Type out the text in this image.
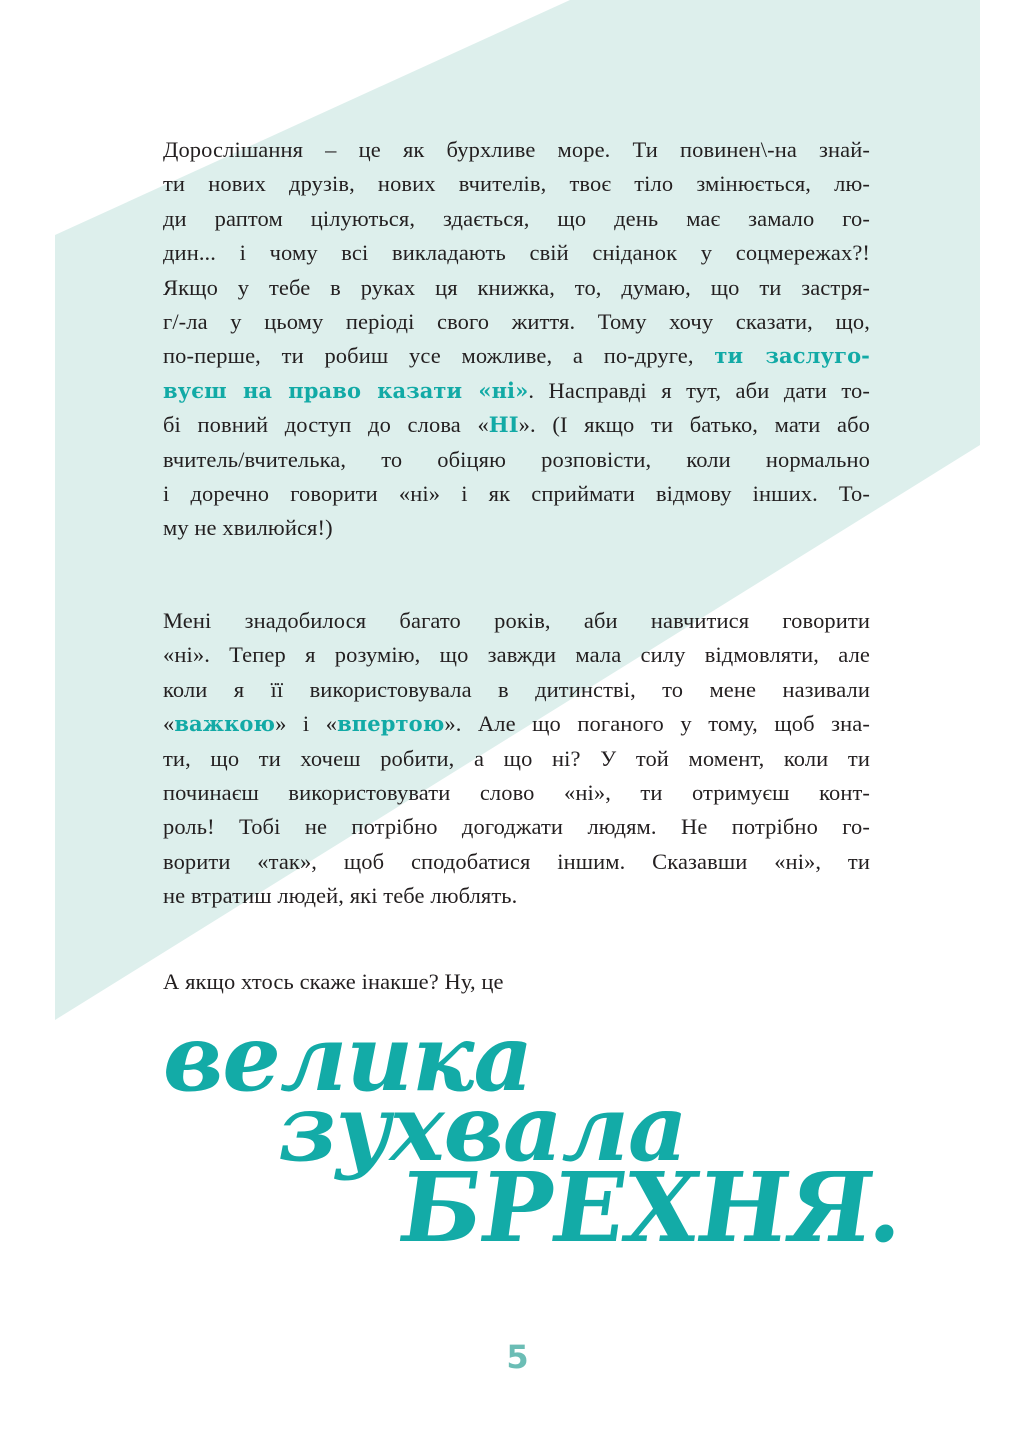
Дорослішання – це як бурхливе море. Ти повинен\-на знай-
ти нових друзів, нових вчителів, твоє тіло змінюється, лю-
ди раптом цілуються, здається, що день має замало го-
дин... і чому всі викладають свій сніданок у соцмережах?!
Якщо у тебе в руках ця книжка, то, думаю, що ти застря-
г/-ла у цьому періоді свого життя. Тому хочу сказати, що,
по-перше, ти робиш усе можливе, а по-друге, ти заслуго-
вуєш на право казати «ні». Насправді я тут, аби дати то-
бі повний доступ до слова «НІ». (І якщо ти батько, мати або
вчитель/вчителька, то обіцяю розповісти, коли нормально
і доречно говорити «ні» і як сприймати відмову інших. То-
му не хвилюйся!)
Мені знадобилося багато років, аби навчитися говорити
«ні». Тепер я розумію, що завжди мала силу відмовляти, але
коли я її використовувала в дитинстві, то мене називали
«важкою» і «впертою». Але що поганого у тому, щоб зна-
ти, що ти хочеш робити, а що ні? У той момент, коли ти
починаєш використовувати слово «ні», ти отримуєш конт-
роль! Тобі не потрібно догоджати людям. Не потрібно го-
ворити «так», щоб сподобатися іншим. Сказавши «ні», ти
не втратиш людей, які тебе люблять.
А якщо хтось скаже інакше? Ну, це
велика
зухвала
БРЕХНЯ.
5
